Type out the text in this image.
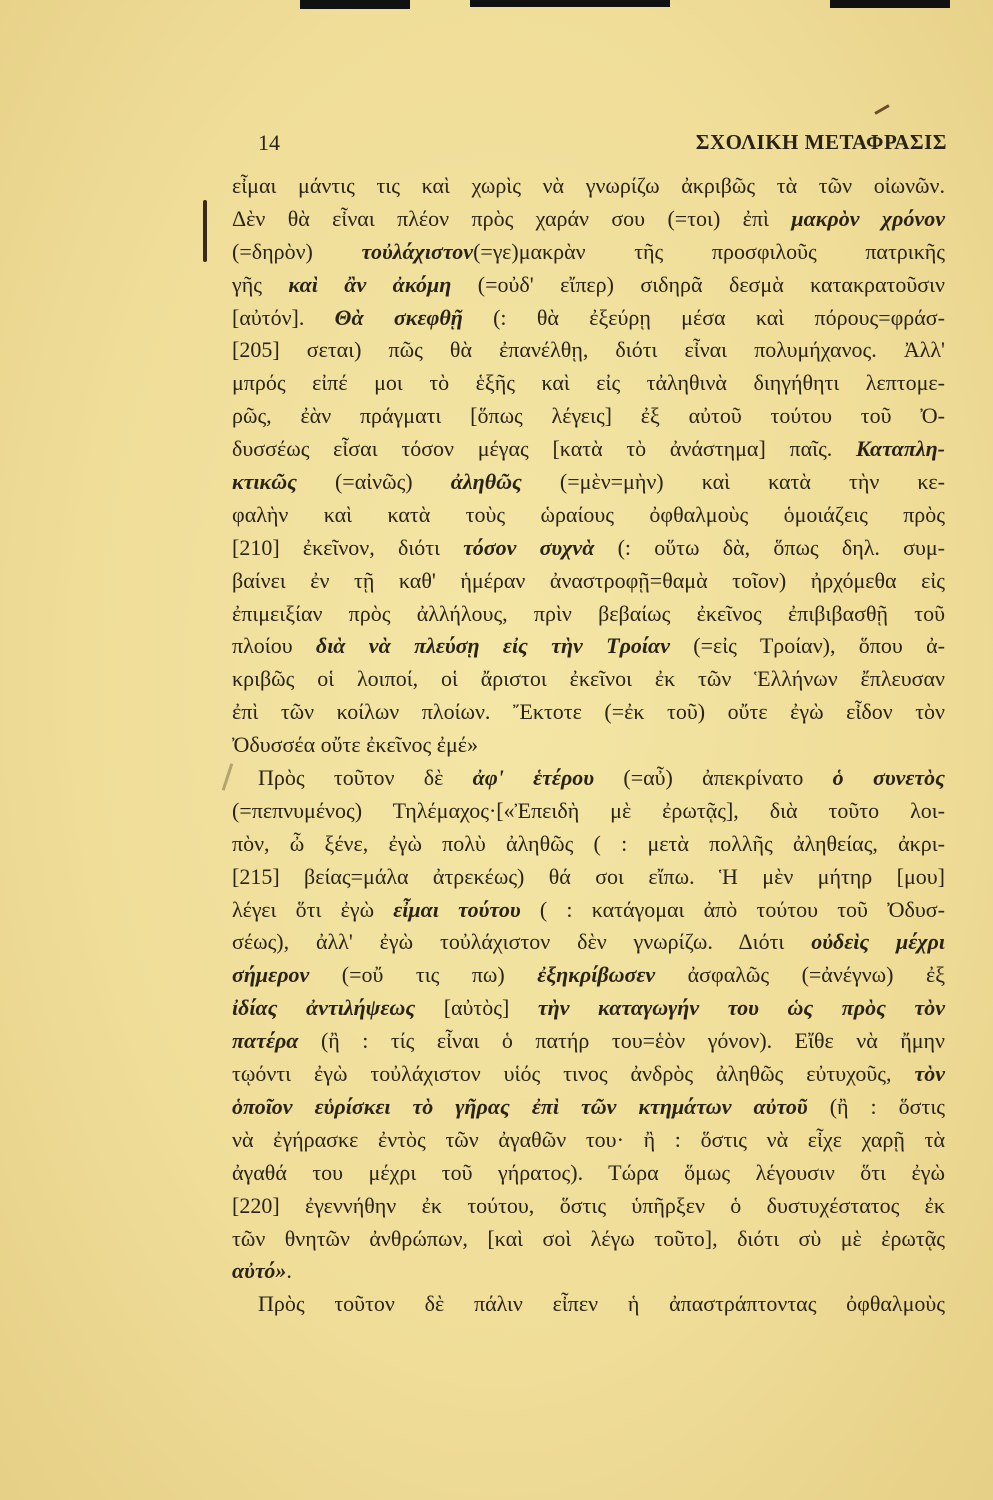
14	ΣΧΟΛΙΚΗ ΜΕΤΑΦΡΑΣΙΣ
εἶμαι μάντις τις καὶ χωρὶς νὰ γνωρίζω ἀκριβῶς τὰ τῶν οἰωνῶν.
Δὲν θὰ εἶναι πλέον πρὸς χαράν σου (=τοι) ἐπὶ μακρὸν χρόνον
(=δηρὸν) τοὐλάχιστον(=γε)μακρὰν τῆς προσφιλοῦς πατρικῆς
γῆς καὶ ἂν ἀκόμη (=οὐδ' εἴπερ) σιδηρᾶ δεσμὰ κατακρατοῦσιν
[αὐτόν]. Θὰ σκεφθῇ (: θὰ ἐξεύρῃ μέσα καὶ πόρους=φράσ-
[205] σεται) πῶς θὰ ἐπανέλθῃ, διότι εἶναι πολυμήχανος. Ἀλλ'
μπρός εἰπέ μοι τὸ ἑξῆς καὶ εἰς τἀληθινὰ διηγήθητι λεπτομε-
ρῶς, ἐὰν πράγματι [ὅπως λέγεις] ἐξ αὐτοῦ τούτου τοῦ Ὀ-
δυσσέως εἶσαι τόσον μέγας [κατὰ τὸ ἀνάστημα] παῖς. Καταπλη-
κτικῶς (=αἰνῶς) ἀληθῶς (=μὲν=μὴν) καὶ κατὰ τὴν κε-
φαλὴν καὶ κατὰ τοὺς ὡραίους ὀφθαλμοὺς ὁμοιάζεις πρὸς
[210] ἐκεῖνον, διότι τόσον συχνὰ (: οὕτω δὰ, ὅπως δηλ. συμ-
βαίνει ἐν τῇ καθ' ἡμέραν ἀναστροφῇ=θαμὰ τοῖον) ἠρχόμεθα εἰς
ἐπιμειξίαν πρὸς ἀλλήλους, πρὶν βεβαίως ἐκεῖνος ἐπιβιβασθῇ τοῦ
πλοίου διὰ νὰ πλεύσῃ εἰς τὴν Τροίαν (=εἰς Τροίαν), ὅπου ἀ-
κριβῶς οἱ λοιποί, οἱ ἄριστοι ἐκεῖνοι ἐκ τῶν Ἑλλήνων ἔπλευσαν
ἐπὶ τῶν κοίλων πλοίων. Ἔκτοτε (=ἐκ τοῦ) οὔτε ἐγὼ εἶδον τὸν
Ὀδυσσέα οὔτε ἐκεῖνος ἐμέ»
Πρὸς τοῦτον δὲ ἀφ' ἑτέρου (=αὖ) ἀπεκρίνατο ὁ συνετὸς
(=πεπνυμένος) Τηλέμαχος·[«Ἐπειδὴ μὲ ἐρωτᾷς], διὰ τοῦτο λοι-
πὸν, ὦ ξένε, ἐγὼ πολὺ ἀληθῶς ( : μετὰ πολλῆς ἀληθείας, ἀκρι-
[215] βείας=μάλα ἀτρεκέως) θά σοι εἴπω. Ἡ μὲν μήτηρ [μου]
λέγει ὅτι ἐγὼ εἶμαι τούτου ( : κατάγομαι ἀπὸ τούτου τοῦ Ὀδυσ-
σέως), ἀλλ' ἐγὼ τοὐλάχιστον δὲν γνωρίζω. Διότι οὐδεὶς μέχρι
σήμερον (=οὔ τις πω) ἐξηκρίβωσεν ἀσφαλῶς (=ἀνέγνω) ἐξ
ἰδίας ἀντιλήψεως [αὐτὸς] τὴν καταγωγήν του ὡς πρὸς τὸν
πατέρα (ἢ : τίς εἶναι ὁ πατήρ του=ἑὸν γόνον). Εἴθε νὰ ἤμην
τῳόντι ἐγὼ τοὐλάχιστον υἱός τινος ἀνδρὸς ἀληθῶς εὐτυχοῦς, τὸν
ὁποῖον εὑρίσκει τὸ γῆρας ἐπὶ τῶν κτημάτων αὐτοῦ (ἢ : ὅστις
νὰ ἐγήρασκε ἐντὸς τῶν ἀγαθῶν του· ἢ : ὅστις νὰ εἶχε χαρῇ τὰ
ἀγαθά του μέχρι τοῦ γήρατος). Τώρα ὅμως λέγουσιν ὅτι ἐγὼ
[220] ἐγεννήθην ἐκ τούτου, ὅστις ὑπῆρξεν ὁ δυστυχέστατος ἐκ
τῶν θνητῶν ἀνθρώπων, [καὶ σοὶ λέγω τοῦτο], διότι σὺ μὲ ἐρωτᾷς
αὐτό».
Πρὸς τοῦτον δὲ πάλιν εἶπεν ἡ ἀπαστράπτοντας ὀφθαλμοὺς
